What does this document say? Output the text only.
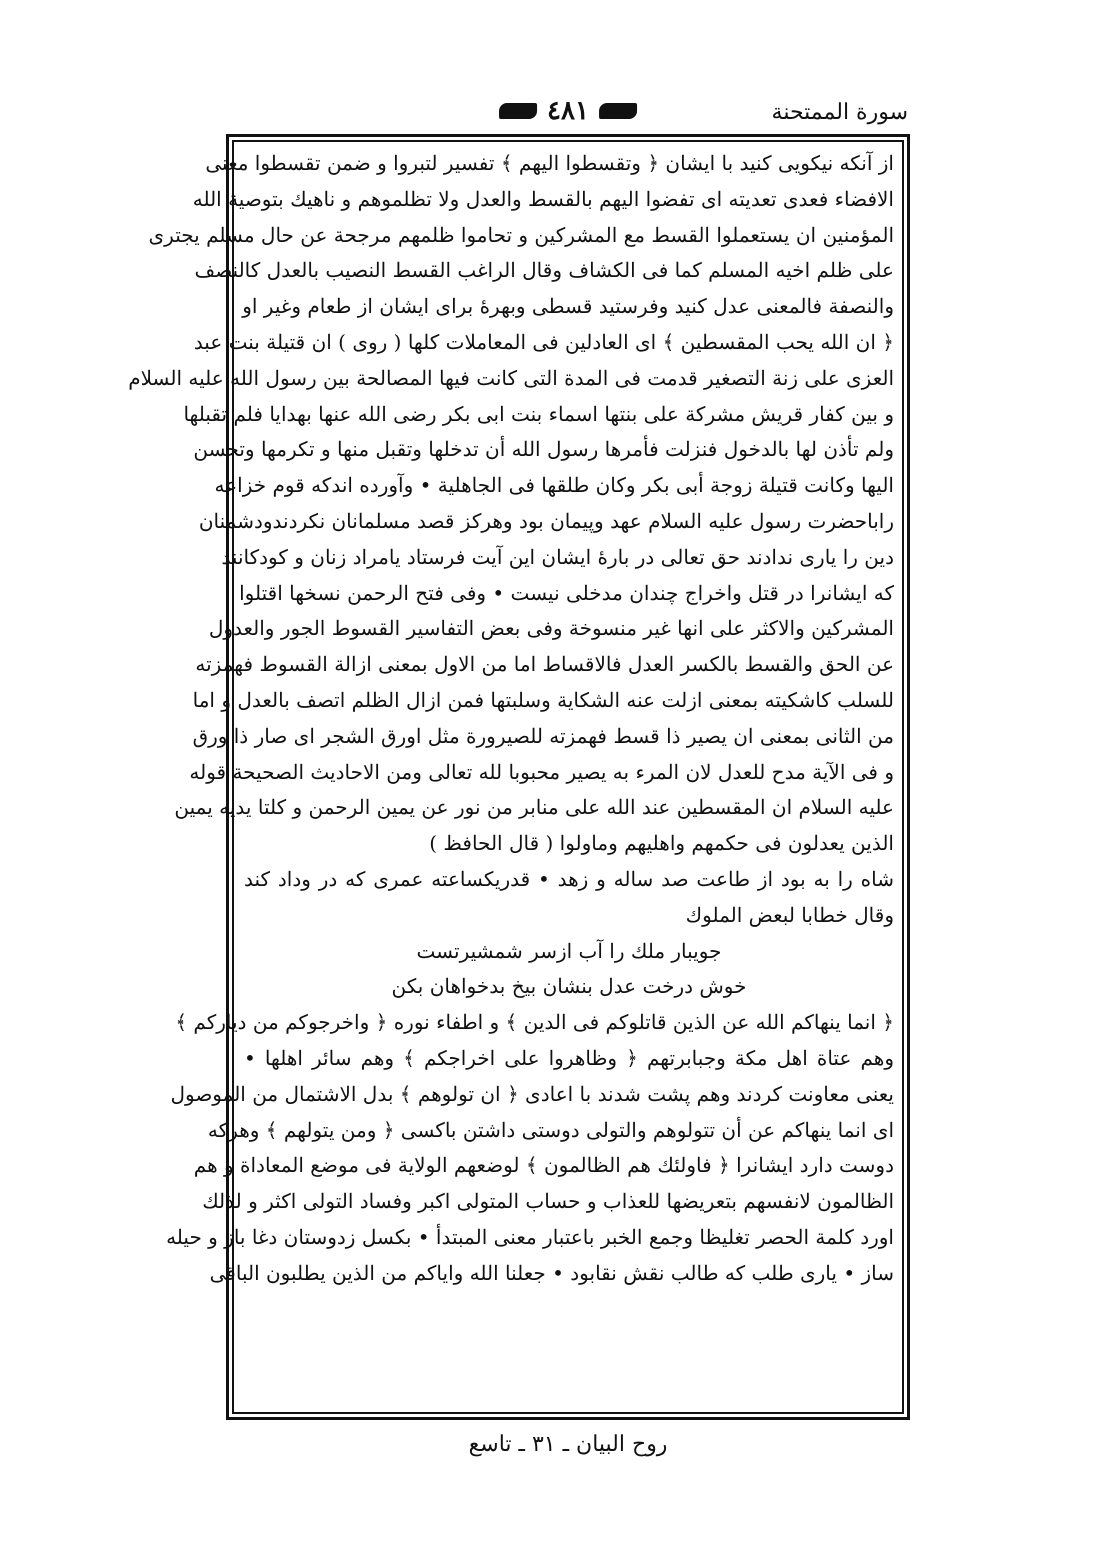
سورة الممتحنة
٤٨١
از آنكه نيكويى كنيد با ايشان ﴿ وتقسطوا اليهم ﴾ تفسير لتبروا و ضمن تقسطوا معنى
الافضاء فعدى تعديته اى تفضوا اليهم بالقسط والعدل ولا تظلموهم و ناهيك بتوصية الله
المؤمنين ان يستعملوا القسط مع المشركين و تحاموا ظلمهم مرجحة عن حال مسلم يجترى
على ظلم اخيه المسلم كما فى الكشاف وقال الراغب القسط النصيب بالعدل كالنصف
والنصفة فالمعنى عدل كنيد وفرستيد قسطى وبهرهٔ براى ايشان از طعام وغير او
﴿ ان الله يحب المقسطين ﴾ اى العادلين فى المعاملات كلها ( روى ) ان قتيلة بنت عبد
العزى على زنة التصغير قدمت فى المدة التى كانت فيها المصالحة بين رسول الله عليه السلام
و بين كفار قريش مشركة على بنتها اسماء بنت ابى بكر رضى الله عنها بهدايا فلم تقبلها
ولم تأذن لها بالدخول فنزلت فأمرها رسول الله أن تدخلها وتقبل منها و تكرمها وتحسن
اليها وكانت قتيلة زوجة أبى بكر وكان طلقها فى الجاهلية • وآورده اندكه قوم خزاعه
راباحضرت رسول عليه السلام عهد وپيمان بود وهركز قصد مسلمانان نكردندودشمنان
دين را يارى ندادند حق تعالى در بارهٔ ايشان اين آيت فرستاد يامراد زنان و كودكانند
كه ايشانرا در قتل واخراج چندان مدخلى نيست • وفى فتح الرحمن نسخها اقتلوا
المشركين والاكثر على انها غير منسوخة وفى بعض التفاسير القسوط الجور والعدول
عن الحق والقسط بالكسر العدل فالاقساط اما من الاول بمعنى ازالة القسوط فهمزته
للسلب كاشكيته بمعنى ازلت عنه الشكاية وسلبتها فمن ازال الظلم اتصف بالعدل و اما
من الثانى بمعنى ان يصير ذا قسط فهمزته للصيرورة مثل اورق الشجر اى صار ذا ورق
و فى الآية مدح للعدل لان المرء به يصير محبوبا لله تعالى ومن الاحاديث الصحيحة قوله
عليه السلام ان المقسطين عند الله على منابر من نور عن يمين الرحمن و كلتا يديه يمين
الذين يعدلون فى حكمهم واهليهم وماولوا ( قال الحافظ )
شاه را به بود از طاعت صد ساله و زهد • قدريكساعته عمرى كه در وداد كند
وقال خطابا لبعض الملوك
جويبار ملك را آب ازسر شمشيرتست
خوش درخت عدل بنشان بيخ بدخواهان بكن
﴿ انما ينهاكم الله عن الذين قاتلوكم فى الدين ﴾ و اطفاء نوره ﴿ واخرجوكم من دياركم ﴾
وهم عتاة اهل مكة وجبابرتهم ﴿ وظاهروا على اخراجكم ﴾ وهم سائر اهلها •
يعنى معاونت كردند وهم پشت شدند با اعادى ﴿ ان تولوهم ﴾ بدل الاشتمال من الموصول
اى انما ينهاكم عن أن تتولوهم والتولى دوستى داشتن باكسى ﴿ ومن يتولهم ﴾ وهركه
دوست دارد ايشانرا ﴿ فاولئك هم الظالمون ﴾ لوضعهم الولاية فى موضع المعاداة و هم
الظالمون لانفسهم بتعريضها للعذاب و حساب المتولى اكبر وفساد التولى اكثر و لذلك
اورد كلمة الحصر تغليظا وجمع الخبر باعتبار معنى المبتدأ • بكسل زدوستان دغا باز و حيله
ساز • يارى طلب كه طالب نقش نقابود • جعلنا الله واياكم من الذين يطلبون الباقى
روح البيان ـ ٣١ ـ تاسع
